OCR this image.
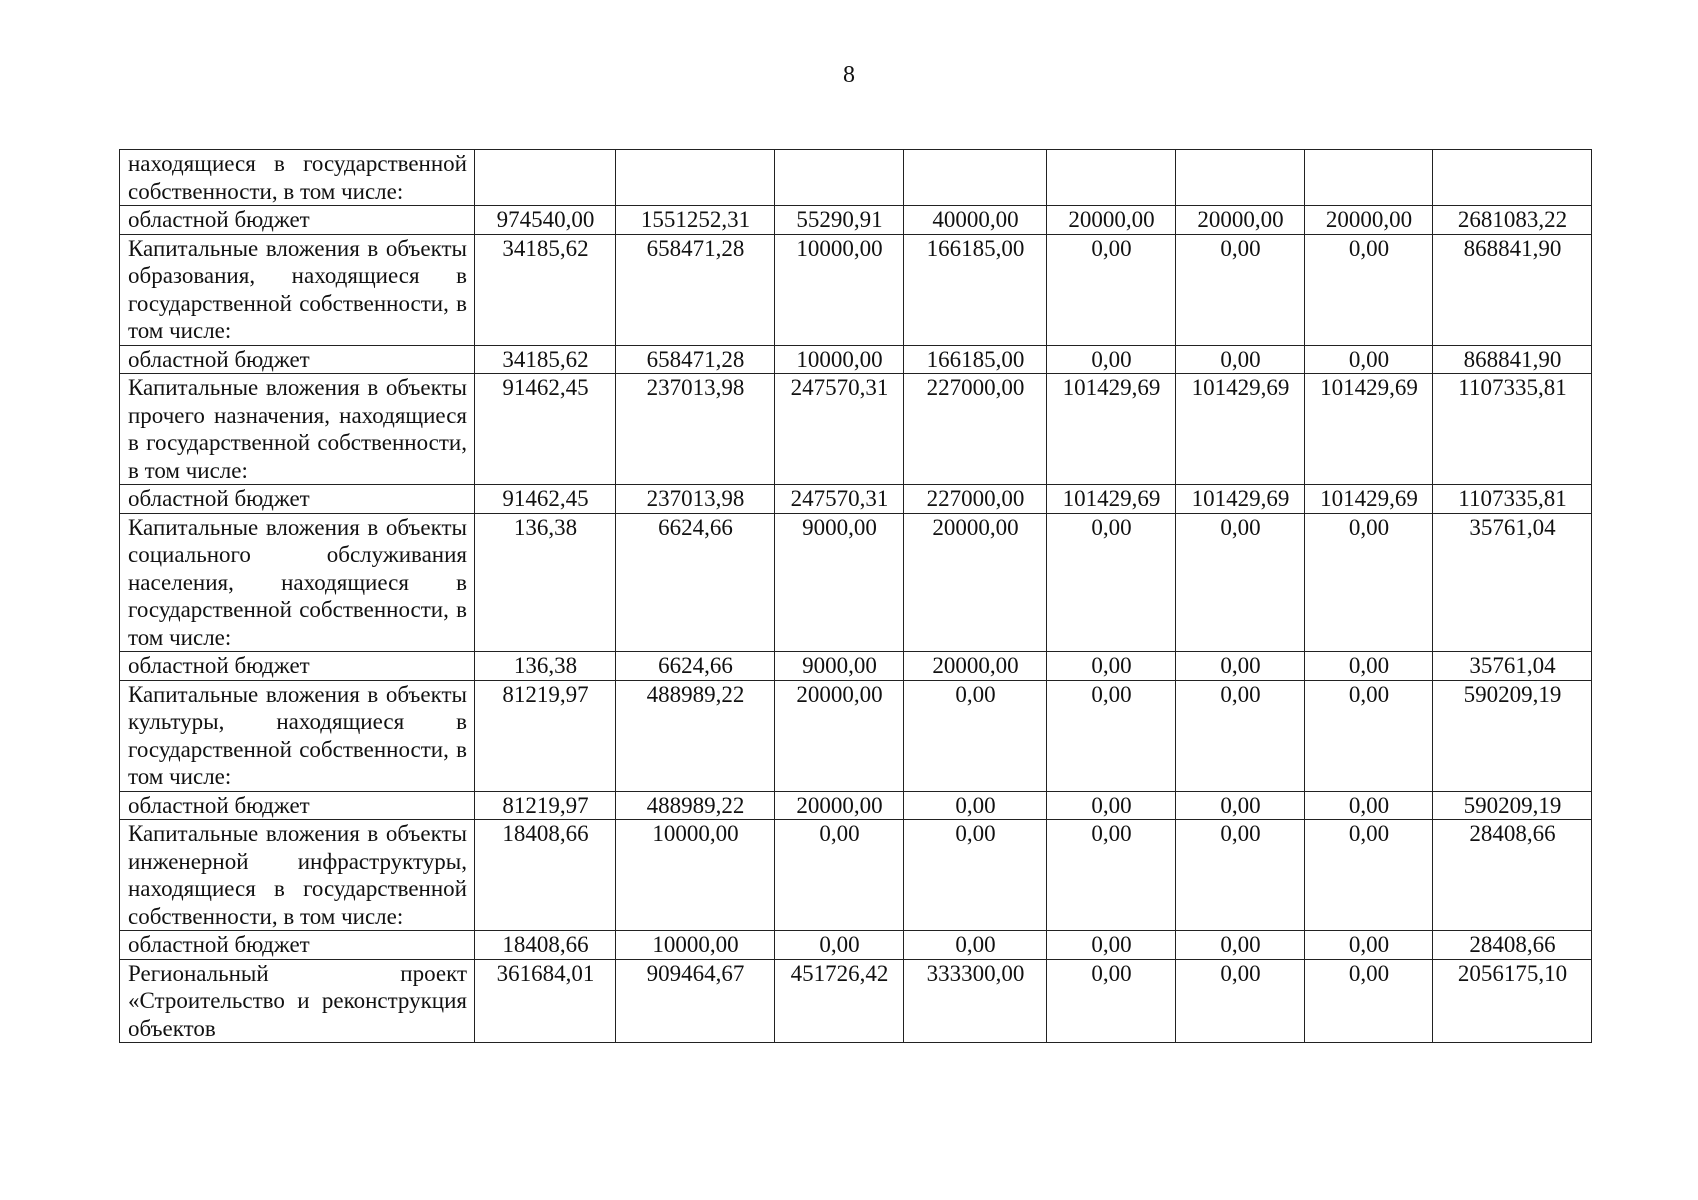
8
находящиеся в государственной собственности, в том числе:								
областной бюджет	974540,00	1551252,31	55290,91	40000,00	20000,00	20000,00	20000,00	2681083,22
Капитальные вложения в объекты образования, находящиеся в государственной собственности, в том числе:	34185,62	658471,28	10000,00	166185,00	0,00	0,00	0,00	868841,90
областной бюджет	34185,62	658471,28	10000,00	166185,00	0,00	0,00	0,00	868841,90
Капитальные вложения в объекты прочего назначения, находящиеся в государственной собственности, в том числе:	91462,45	237013,98	247570,31	227000,00	101429,69	101429,69	101429,69	1107335,81
областной бюджет	91462,45	237013,98	247570,31	227000,00	101429,69	101429,69	101429,69	1107335,81
Капитальные вложения в объекты социального обслуживания населения, находящиеся в государственной собственности, в том числе:	136,38	6624,66	9000,00	20000,00	0,00	0,00	0,00	35761,04
областной бюджет	136,38	6624,66	9000,00	20000,00	0,00	0,00	0,00	35761,04
Капитальные вложения в объекты культуры, находящиеся в государственной собственности, в том числе:	81219,97	488989,22	20000,00	0,00	0,00	0,00	0,00	590209,19
областной бюджет	81219,97	488989,22	20000,00	0,00	0,00	0,00	0,00	590209,19
Капитальные вложения в объекты инженерной инфраструктуры, находящиеся в государственной собственности, в том числе:	18408,66	10000,00	0,00	0,00	0,00	0,00	0,00	28408,66
областной бюджет	18408,66	10000,00	0,00	0,00	0,00	0,00	0,00	28408,66
Региональный проект «Строительство и реконструкция объектов	361684,01	909464,67	451726,42	333300,00	0,00	0,00	0,00	2056175,10
